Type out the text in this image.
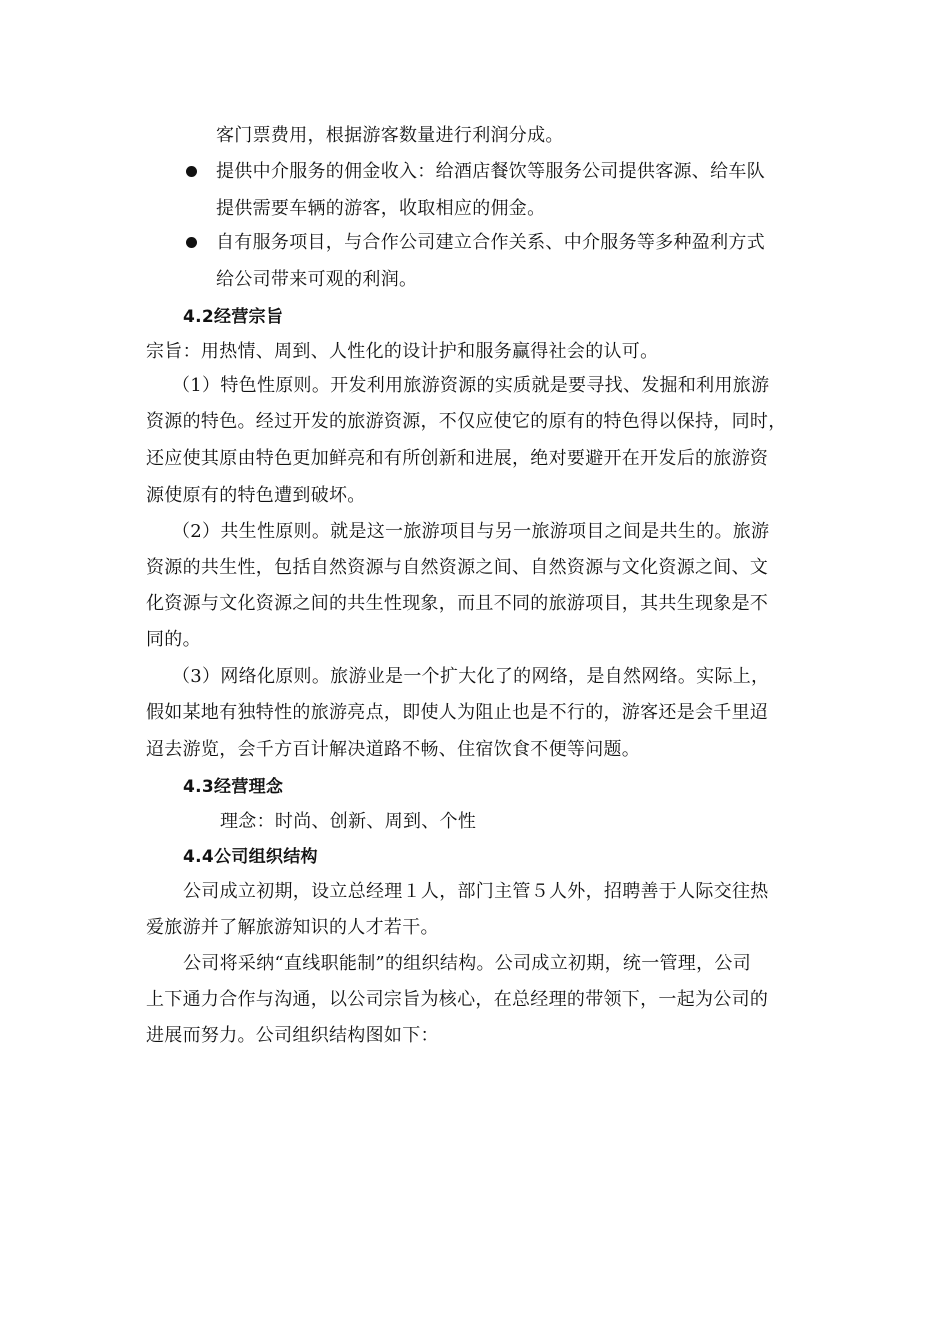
客门票费用，根据游客数量进行利润分成。
提供中介服务的佣金收入：给酒店餐饮等服务公司提供客源、给车队
提供需要车辆的游客，收取相应的佣金。
自有服务项目，与合作公司建立合作关系、中介服务等多种盈利方式
给公司带来可观的利润。
4.2经营宗旨
宗旨：用热情、周到、人性化的设计护和服务赢得社会的认可。
（1）特色性原则。开发利用旅游资源的实质就是要寻找、发掘和利用旅游
资源的特色。经过开发的旅游资源，不仅应使它的原有的特色得以保持，同时，
还应使其原由特色更加鲜亮和有所创新和进展，绝对要避开在开发后的旅游资
源使原有的特色遭到破坏。
（2）共生性原则。就是这一旅游项目与另一旅游项目之间是共生的。旅游
资源的共生性，包括自然资源与自然资源之间、自然资源与文化资源之间、文
化资源与文化资源之间的共生性现象，而且不同的旅游项目，其共生现象是不
同的。
（3）网络化原则。旅游业是一个扩大化了的网络，是自然网络。实际上，
假如某地有独特性的旅游亮点，即使人为阻止也是不行的，游客还是会千里迢
迢去游览，会千方百计解决道路不畅、住宿饮食不便等问题。
4.3经营理念
理念：时尚、创新、周到、个性
4.4公司组织结构
公司成立初期，设立总经理１人，部门主管５人外，招聘善于人际交往热
爱旅游并了解旅游知识的人才若干。
公司将采纳“直线职能制”的组织结构。公司成立初期，统一管理，公司
上下通力合作与沟通，以公司宗旨为核心，在总经理的带领下，一起为公司的
进展而努力。公司组织结构图如下：
